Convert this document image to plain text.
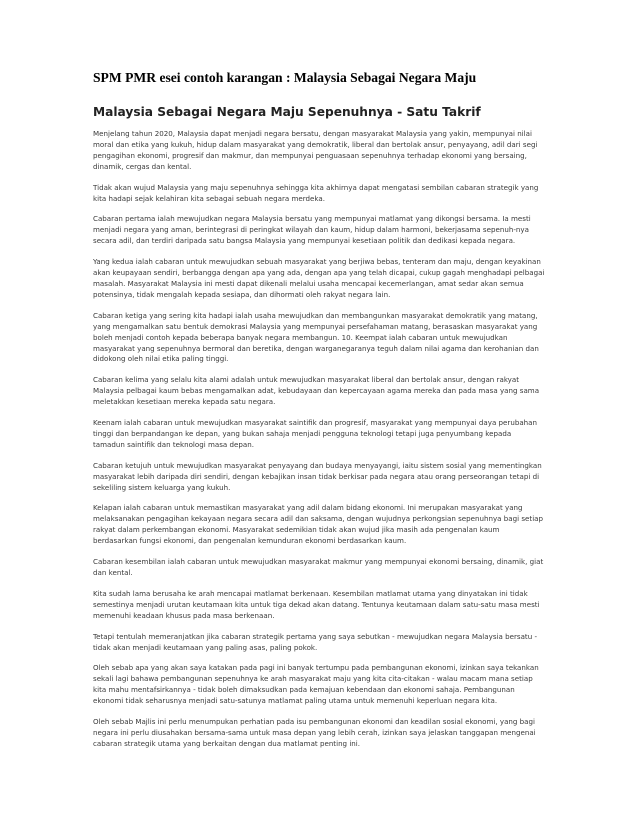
SPM PMR esei contoh karangan : Malaysia Sebagai Negara Maju
Malaysia Sebagai Negara Maju Sepenuhnya - Satu Takrif

Menjelang tahun 2020, Malaysia dapat menjadi negara bersatu, dengan masyarakat Malaysia yang yakin, mempunyai nilai moral dan etika yang kukuh, hidup dalam masyarakat yang demokratik, liberal dan bertolak ansur, penyayang, adil dari segi pengagihan ekonomi, progresif dan makmur, dan mempunyai penguasaan sepenuhnya terhadap ekonomi yang bersaing, dinamik, cergas dan kental.

Tidak akan wujud Malaysia yang maju sepenuhnya sehingga kita akhirnya dapat mengatasi sembilan cabaran strategik yang kita hadapi sejak kelahiran kita sebagai sebuah negara merdeka.

Cabaran pertama ialah mewujudkan negara Malaysia bersatu yang mempunyai matlamat yang dikongsi bersama. Ia mesti menjadi negara yang aman, berintegrasi di peringkat wilayah dan kaum, hidup dalam harmoni, bekerjasama sepenuh-nya secara adil, dan terdiri daripada satu bangsa Malaysia yang mempunyai kesetiaan politik dan dedikasi kepada negara.

Yang kedua ialah cabaran untuk mewujudkan sebuah masyarakat yang berjiwa bebas, tenteram dan maju, dengan keyakinan akan keupayaan sendiri, berbangga dengan apa yang ada, dengan apa yang telah dicapai, cukup gagah menghadapi pelbagai masalah. Masyarakat Malaysia ini mesti dapat dikenali melalui usaha mencapai kecemerlangan, amat sedar akan semua potensinya, tidak mengalah kepada sesiapa, dan dihormati oleh rakyat negara lain.

Cabaran ketiga yang sering kita hadapi ialah usaha mewujudkan dan membangunkan masyarakat demokratik yang matang, yang mengamalkan satu bentuk demokrasi Malaysia yang mempunyai persefahaman matang, berasaskan masyarakat yang boleh menjadi contoh kepada beberapa banyak negara membangun. 10. Keempat ialah cabaran untuk mewujudkan masyarakat yang sepenuhnya bermoral dan beretika, dengan warganegaranya teguh dalam nilai agama dan kerohanian dan didokong oleh nilai etika paling tinggi.

Cabaran kelima yang selalu kita alami adalah untuk mewujudkan masyarakat liberal dan bertolak ansur, dengan rakyat Malaysia pelbagai kaum bebas mengamalkan adat, kebudayaan dan kepercayaan agama mereka dan pada masa yang sama meletakkan kesetiaan mereka kepada satu negara.

Keenam ialah cabaran untuk mewujudkan masyarakat saintifik dan progresif, masyarakat yang mempunyai daya perubahan tinggi dan berpandangan ke depan, yang bukan sahaja menjadi pengguna teknologi tetapi juga penyumbang kepada tamadun saintifik dan teknologi masa depan.

Cabaran ketujuh untuk mewujudkan masyarakat penyayang dan budaya menyayangi, iaitu sistem sosial yang mementingkan masyarakat lebih daripada diri sendiri, dengan kebajikan insan tidak berkisar pada negara atau orang perseorangan tetapi di sekeliling sistem keluarga yang kukuh.

Kelapan ialah cabaran untuk memastikan masyarakat yang adil dalam bidang ekonomi. Ini merupakan masyarakat yang melaksanakan pengagihan kekayaan negara secara adil dan saksama, dengan wujudnya perkongsian sepenuhnya bagi setiap rakyat dalam perkembangan ekonomi. Masyarakat sedemikian tidak akan wujud jika masih ada pengenalan kaum berdasarkan fungsi ekonomi, dan pengenalan kemunduran ekonomi berdasarkan kaum.

Cabaran kesembilan ialah cabaran untuk mewujudkan masyarakat makmur yang mempunyai ekonomi bersaing, dinamik, giat dan kental.

Kita sudah lama berusaha ke arah mencapai matlamat berkenaan. Kesembilan matlamat utama yang dinyatakan ini tidak semestinya menjadi urutan keutamaan kita untuk tiga dekad akan datang. Tentunya keutamaan dalam satu-satu masa mesti memenuhi keadaan khusus pada masa berkenaan.

Tetapi tentulah memeranjatkan jika cabaran strategik pertama yang saya sebutkan - mewujudkan negara Malaysia bersatu - tidak akan menjadi keutamaan yang paling asas, paling pokok.

Oleh sebab apa yang akan saya katakan pada pagi ini banyak tertumpu pada pembangunan ekonomi, izinkan saya tekankan sekali lagi bahawa pembangunan sepenuhnya ke arah masyarakat maju yang kita cita-citakan - walau macam mana setiap kita mahu mentafsirkannya - tidak boleh dimaksudkan pada kemajuan kebendaan dan ekonomi sahaja. Pembangunan ekonomi tidak seharusnya menjadi satu-satunya matlamat paling utama untuk memenuhi keperluan negara kita.

Oleh sebab Majlis ini perlu menumpukan perhatian pada isu pembangunan ekonomi dan keadilan sosial ekonomi, yang bagi negara ini perlu diusahakan bersama-sama untuk masa depan yang lebih cerah, izinkan saya jelaskan tanggapan mengenai cabaran strategik utama yang berkaitan dengan dua matlamat penting ini.
